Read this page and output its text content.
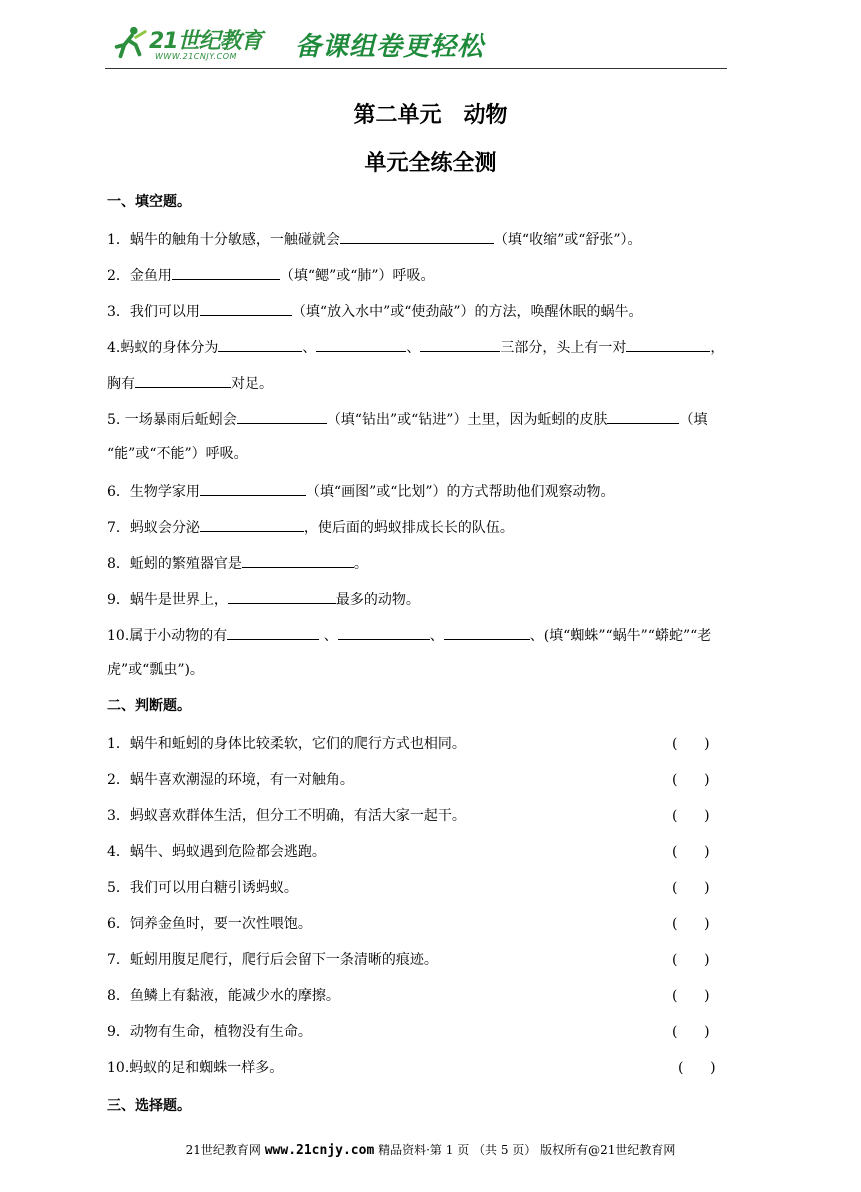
21世纪教育
WWW.21CNJY.COM 备课组卷更轻松
第二单元　动物
单元全练全测
一、填空题。
1．蜗牛的触角十分敏感，一触碰就会	（填“收缩”或“舒张”）。
2．金鱼用	（填“鳃”或“肺”）呼吸。
3．我们可以用	（填“放入水中”或“使劲敲”）的方法，唤醒休眠的蜗牛。
4.蚂蚁的身体分为	、	、	三部分，头上有一对	，
胸有	对足。
5. 一场暴雨后蚯蚓会	（填“钻出”或“钻进”）土里，因为蚯蚓的皮肤	（填
“能”或“不能”）呼吸。
6．生物学家用	（填“画图”或“比划”）的方式帮助他们观察动物。
7．蚂蚁会分泌	，使后面的蚂蚁排成长长的队伍。
8．蚯蚓的繁殖器官是	。
9．蜗牛是世界上，	最多的动物。
10.属于小动物的有	、	、	、(填“蜘蛛”“蜗牛”“蟒蛇”“老
虎”或“瓢虫”)。
二、判断题。
1．蜗牛和蚯蚓的身体比较柔软，它们的爬行方式也相同。	(      )
2．蜗牛喜欢潮湿的环境，有一对触角。	(      )
3．蚂蚁喜欢群体生活，但分工不明确，有活大家一起干。	(      )
4．蜗牛、蚂蚁遇到危险都会逃跑。	(      )
5．我们可以用白糖引诱蚂蚁。	(      )
6．饲养金鱼时，要一次性喂饱。	(      )
7．蚯蚓用腹足爬行，爬行后会留下一条清晰的痕迹。	(      )
8．鱼鳞上有黏液，能减少水的摩擦。	(      )
9．动物有生命，植物没有生命。	(      )
10.蚂蚁的足和蜘蛛一样多。	(      )
三、选择题。
21世纪教育网 www.21cnjy.com 精品资料·第 1 页 （共 5 页） 版权所有@21世纪教育网
